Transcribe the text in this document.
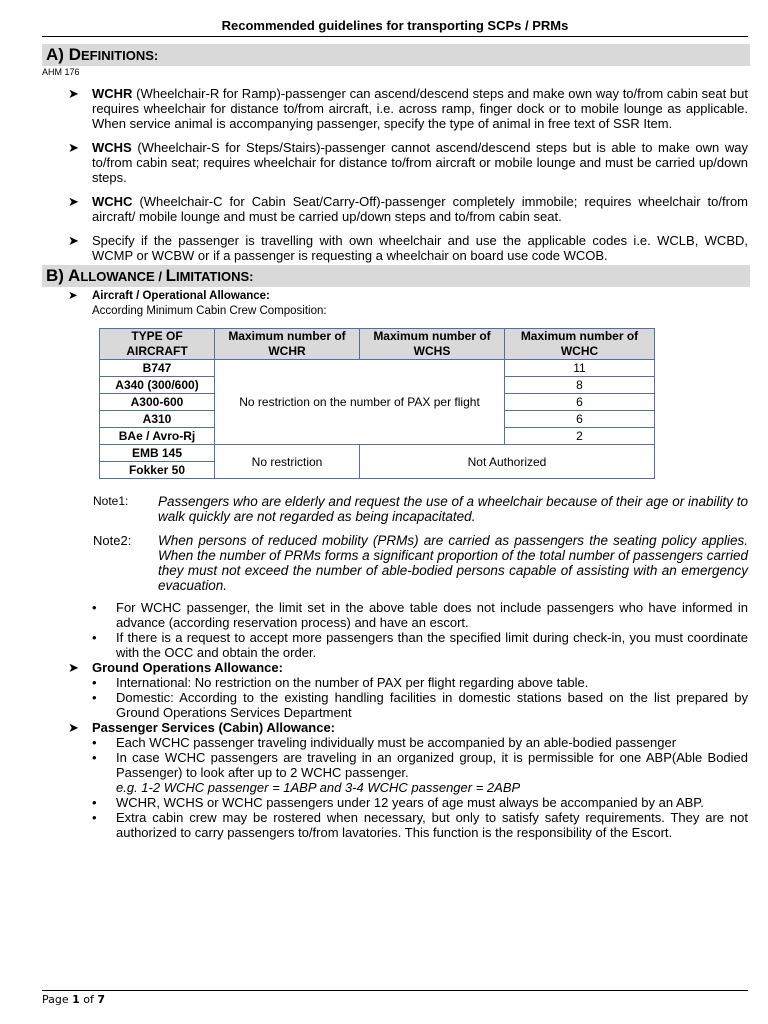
Recommended guidelines for transporting SCPs / PRMs
A) DEFINITIONS:
AHM 176
➤ WCHR (Wheelchair-R for Ramp)-passenger can ascend/descend steps and make own way to/from cabin seat but requires wheelchair for distance to/from aircraft, i.e. across ramp, finger dock or to mobile lounge as applicable. When service animal is accompanying passenger, specify the type of animal in free text of SSR Item.
➤ WCHS (Wheelchair-S for Steps/Stairs)-passenger cannot ascend/descend steps but is able to make own way to/from cabin seat; requires wheelchair for distance to/from aircraft or mobile lounge and must be carried up/down steps.
➤ WCHC (Wheelchair-C for Cabin Seat/Carry-Off)-passenger completely immobile; requires wheelchair to/from aircraft/ mobile lounge and must be carried up/down steps and to/from cabin seat.
➤ Specify if the passenger is travelling with own wheelchair and use the applicable codes i.e. WCLB, WCBD, WCMP or WCBW or if a passenger is requesting a wheelchair on board use code WCOB.
B) ALLOWANCE / LIMITATIONS:
➤ Aircraft / Operational Allowance:
According Minimum Cabin Crew Composition:
TYPE OF AIRCRAFT	Maximum number of WCHR	Maximum number of WCHS	Maximum number of WCHC
B747	No restriction on the number of PAX per flight		11
A340 (300/600)			8
A300-600			6
A310			6
BAe / Avro-Rj			2
EMB 145	No restriction	Not Authorized	
Fokker 50			
Note1: Passengers who are elderly and request the use of a wheelchair because of their age or inability to walk quickly are not regarded as being incapacitated.
Note2: When persons of reduced mobility (PRMs) are carried as passengers the seating policy applies. When the number of PRMs forms a significant proportion of the total number of passengers carried they must not exceed the number of able-bodied persons capable of assisting with an emergency evacuation.
• For WCHC passenger, the limit set in the above table does not include passengers who have informed in advance (according reservation process) and have an escort.
• If there is a request to accept more passengers than the specified limit during check-in, you must coordinate with the OCC and obtain the order.
➤ Ground Operations Allowance:
• International: No restriction on the number of PAX per flight regarding above table.
• Domestic: According to the existing handling facilities in domestic stations based on the list prepared by Ground Operations Services Department
➤ Passenger Services (Cabin) Allowance:
• Each WCHC passenger traveling individually must be accompanied by an able-bodied passenger
• In case WCHC passengers are traveling in an organized group, it is permissible for one ABP(Able Bodied Passenger) to look after up to 2 WCHC passenger.
e.g. 1-2 WCHC passenger = 1ABP and 3-4 WCHC passenger = 2ABP
• WCHR, WCHS or WCHC passengers under 12 years of age must always be accompanied by an ABP.
• Extra cabin crew may be rostered when necessary, but only to satisfy safety requirements. They are not authorized to carry passengers to/from lavatories. This function is the responsibility of the Escort.
Page 1 of 7
